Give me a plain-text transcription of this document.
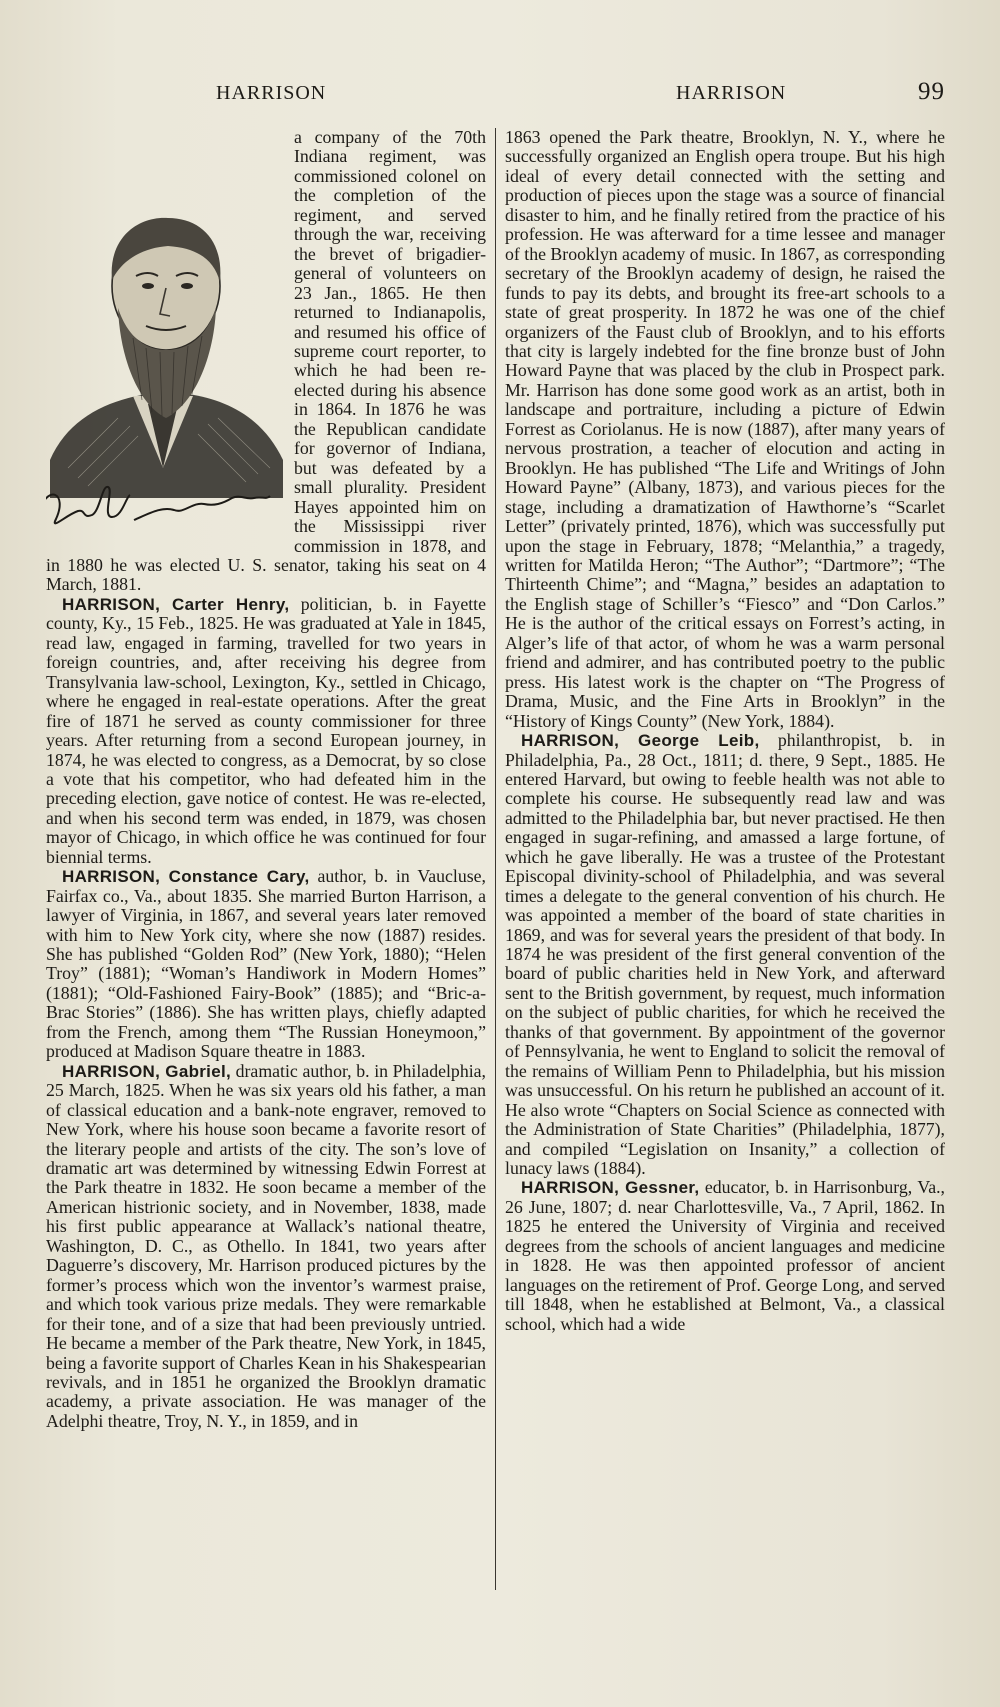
HARRISON	HARRISON	99

a company of the 70th Indiana regiment, was commissioned colonel on the completion of the regiment, and served through the war, receiving the brevet of brigadier-general of volunteers on 23 Jan., 1865. He then returned to Indianapolis, and resumed his office of supreme court reporter, to which he had been re-elected during his absence in 1864. In 1876 he was the Republican candidate for governor of Indiana, but was defeated by a small plurality. President Hayes appointed him on the Mississippi river commission in 1878, and in 1880 he was elected U. S. senator, taking his seat on 4 March, 1881.

HARRISON, Carter Henry, politician, b. in Fayette county, Ky., 15 Feb., 1825. He was graduated at Yale in 1845, read law, engaged in farming, travelled for two years in foreign countries, and, after receiving his degree from Transylvania law-school, Lexington, Ky., settled in Chicago, where he engaged in real-estate operations. After the great fire of 1871 he served as county commissioner for three years. After returning from a second European journey, in 1874, he was elected to congress, as a Democrat, by so close a vote that his competitor, who had defeated him in the preceding election, gave notice of contest. He was re-elected, and when his second term was ended, in 1879, was chosen mayor of Chicago, in which office he was continued for four biennial terms.

HARRISON, Constance Cary, author, b. in Vaucluse, Fairfax co., Va., about 1835. She married Burton Harrison, a lawyer of Virginia, in 1867, and several years later removed with him to New York city, where she now (1887) resides. She has published “Golden Rod” (New York, 1880); “Helen Troy” (1881); “Woman’s Handiwork in Modern Homes” (1881); “Old-Fashioned Fairy-Book” (1885); and “Bric-a-Brac Stories” (1886). She has written plays, chiefly adapted from the French, among them “The Russian Honeymoon,” produced at Madison Square theatre in 1883.

HARRISON, Gabriel, dramatic author, b. in Philadelphia, 25 March, 1825. When he was six years old his father, a man of classical education and a bank-note engraver, removed to New York, where his house soon became a favorite resort of the literary people and artists of the city. The son’s love of dramatic art was determined by witnessing Edwin Forrest at the Park theatre in 1832. He soon became a member of the American histrionic society, and in November, 1838, made his first public appearance at Wallack’s national theatre, Washington, D. C., as Othello. In 1841, two years after Daguerre’s discovery, Mr. Harrison produced pictures by the former’s process which won the inventor’s warmest praise, and which took various prize medals. They were remarkable for their tone, and of a size that had been previously untried. He became a member of the Park theatre, New York, in 1845, being a favorite support of Charles Kean in his Shakespearian revivals, and in 1851 he organized the Brooklyn dramatic academy, a private association. He was manager of the Adelphi theatre, Troy, N. Y., in 1859, and in

1863 opened the Park theatre, Brooklyn, N. Y., where he successfully organized an English opera troupe. But his high ideal of every detail connected with the setting and production of pieces upon the stage was a source of financial disaster to him, and he finally retired from the practice of his profession. He was afterward for a time lessee and manager of the Brooklyn academy of music. In 1867, as corresponding secretary of the Brooklyn academy of design, he raised the funds to pay its debts, and brought its free-art schools to a state of great prosperity. In 1872 he was one of the chief organizers of the Faust club of Brooklyn, and to his efforts that city is largely indebted for the fine bronze bust of John Howard Payne that was placed by the club in Prospect park. Mr. Harrison has done some good work as an artist, both in landscape and portraiture, including a picture of Edwin Forrest as Coriolanus. He is now (1887), after many years of nervous prostration, a teacher of elocution and acting in Brooklyn. He has published “The Life and Writings of John Howard Payne” (Albany, 1873), and various pieces for the stage, including a dramatization of Hawthorne’s “Scarlet Letter” (privately printed, 1876), which was successfully put upon the stage in February, 1878; “Melanthia,” a tragedy, written for Matilda Heron; “The Author”; “Dartmore”; “The Thirteenth Chime”; and “Magna,” besides an adaptation to the English stage of Schiller’s “Fiesco” and “Don Carlos.” He is the author of the critical essays on Forrest’s acting, in Alger’s life of that actor, of whom he was a warm personal friend and admirer, and has contributed poetry to the public press. His latest work is the chapter on “The Progress of Drama, Music, and the Fine Arts in Brooklyn” in the “History of Kings County” (New York, 1884).

HARRISON, George Leib, philanthropist, b. in Philadelphia, Pa., 28 Oct., 1811; d. there, 9 Sept., 1885. He entered Harvard, but owing to feeble health was not able to complete his course. He subsequently read law and was admitted to the Philadelphia bar, but never practised. He then engaged in sugar-refining, and amassed a large fortune, of which he gave liberally. He was a trustee of the Protestant Episcopal divinity-school of Philadelphia, and was several times a delegate to the general convention of his church. He was appointed a member of the board of state charities in 1869, and was for several years the president of that body. In 1874 he was president of the first general convention of the board of public charities held in New York, and afterward sent to the British government, by request, much information on the subject of public charities, for which he received the thanks of that government. By appointment of the governor of Pennsylvania, he went to England to solicit the removal of the remains of William Penn to Philadelphia, but his mission was unsuccessful. On his return he published an account of it. He also wrote “Chapters on Social Science as connected with the Administration of State Charities” (Philadelphia, 1877), and compiled “Legislation on Insanity,” a collection of lunacy laws (1884).

HARRISON, Gessner, educator, b. in Harrisonburg, Va., 26 June, 1807; d. near Charlottesville, Va., 7 April, 1862. In 1825 he entered the University of Virginia and received degrees from the schools of ancient languages and medicine in 1828. He was then appointed professor of ancient languages on the retirement of Prof. George Long, and served till 1848, when he established at Belmont, Va., a classical school, which had a wide
